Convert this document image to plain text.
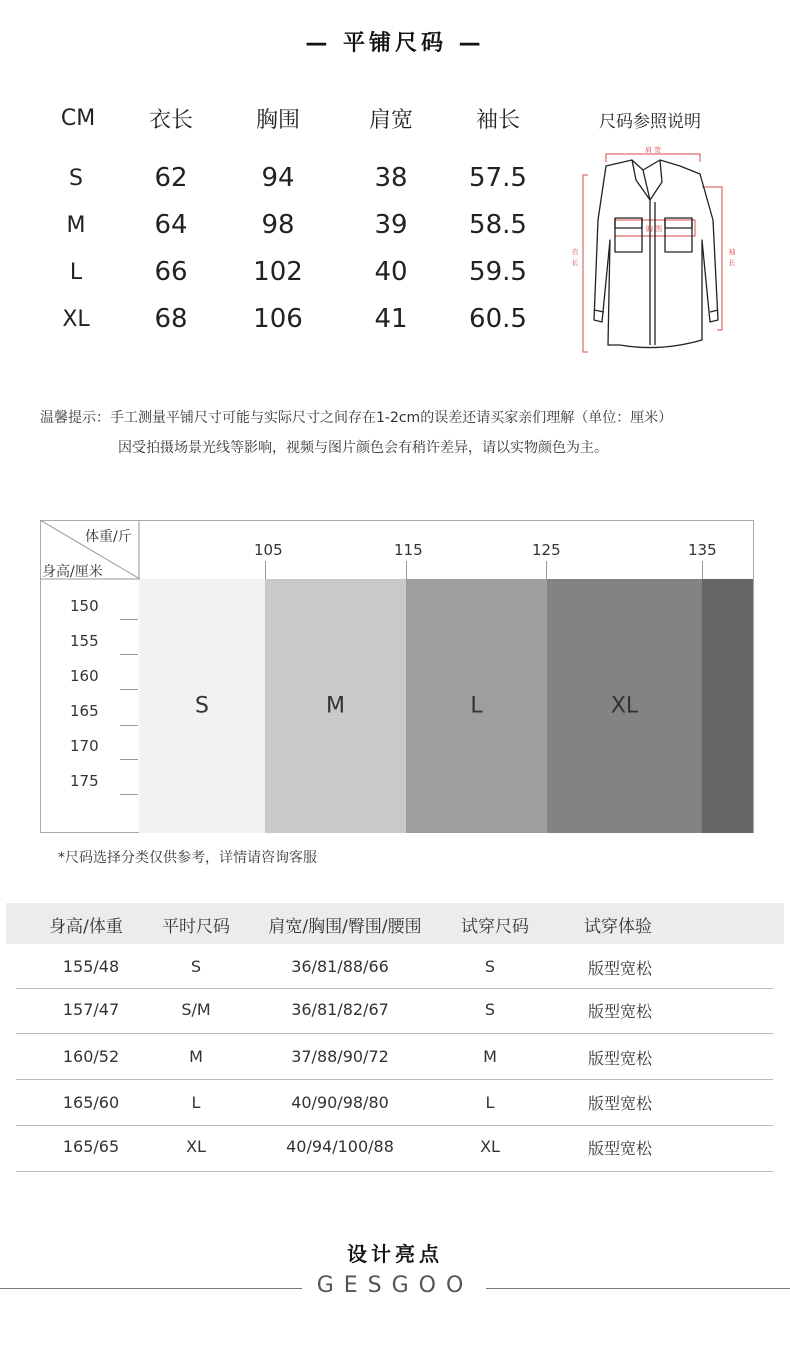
— 平铺尺码 —
CM	衣长	胸围	肩宽	袖长	尺码参照说明
S	62	94	38	57.5
M	64	98	39	58.5
L	66	102	40	59.5
XL	68	106	41	60.5
肩 宽
胸 围
衣
长
袖
长
温馨提示：手工测量平铺尺寸可能与实际尺寸之间存在1-2cm的误差还请买家亲们理解（单位：厘米）
因受拍摄场景光线等影响，视频与图片颜色会有稍许差异，请以实物颜色为主。
S	M	L	XL
体重/斤
身高/厘米
105	115	125	135
150
155
160
165
170
175
*尺码选择分类仅供参考，详情请咨询客服
身高/体重	平时尺码	肩宽/胸围/臀围/腰围	试穿尺码	试穿体验
155/48	S	36/81/88/66	S	版型宽松
157/47	S/M	36/81/82/67	S	版型宽松
160/52	M	37/88/90/72	M	版型宽松
165/60	L	40/90/98/80	L	版型宽松
165/65	XL	40/94/100/88	XL	版型宽松
设计亮点
GESGOO
